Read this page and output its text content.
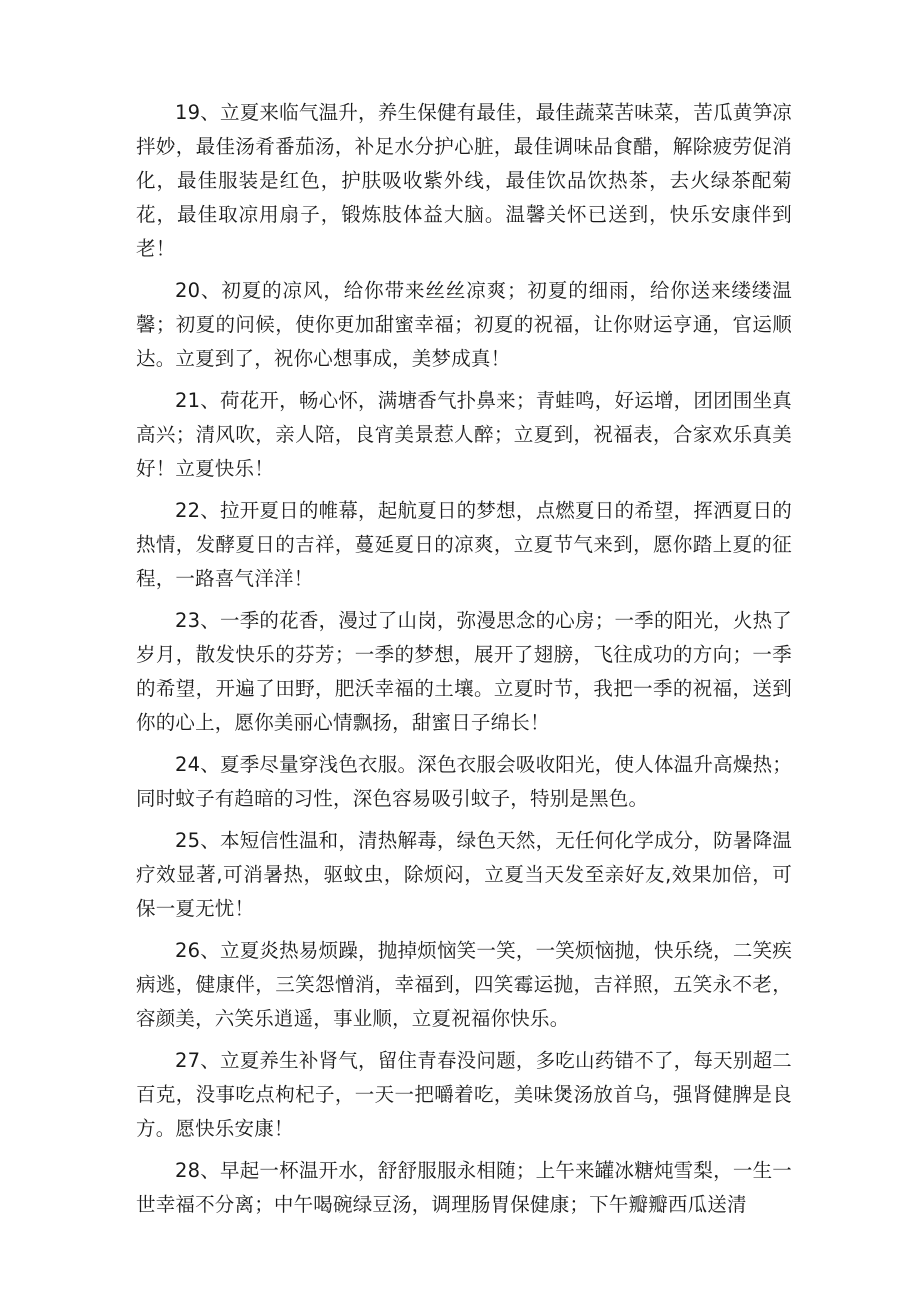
19、立夏来临气温升，养生保健有最佳，最佳蔬菜苦味菜，苦瓜黄笋凉拌妙，最佳汤肴番茄汤，补足水分护心脏，最佳调味品食醋，解除疲劳促消化，最佳服装是红色，护肤吸收紫外线，最佳饮品饮热茶，去火绿茶配菊花，最佳取凉用扇子，锻炼肢体益大脑。温馨关怀已送到，快乐安康伴到老！

20、初夏的凉风，给你带来丝丝凉爽；初夏的细雨，给你送来缕缕温馨；初夏的问候，使你更加甜蜜幸福；初夏的祝福，让你财运亨通，官运顺达。立夏到了，祝你心想事成，美梦成真！

21、荷花开，畅心怀，满塘香气扑鼻来；青蛙鸣，好运增，团团围坐真高兴；清风吹，亲人陪，良宵美景惹人醉；立夏到，祝福表，合家欢乐真美好！立夏快乐！

22、拉开夏日的帷幕，起航夏日的梦想，点燃夏日的希望，挥洒夏日的热情，发酵夏日的吉祥，蔓延夏日的凉爽，立夏节气来到，愿你踏上夏的征程，一路喜气洋洋！

23、一季的花香，漫过了山岗，弥漫思念的心房；一季的阳光，火热了岁月，散发快乐的芬芳；一季的梦想，展开了翅膀，飞往成功的方向；一季的希望，开遍了田野，肥沃幸福的土壤。立夏时节，我把一季的祝福，送到你的心上，愿你美丽心情飘扬，甜蜜日子绵长！

24、夏季尽量穿浅色衣服。深色衣服会吸收阳光，使人体温升高燥热；同时蚊子有趋暗的习性，深色容易吸引蚊子，特别是黑色。

25、本短信性温和，清热解毒，绿色天然，无任何化学成分，防暑降温疗效显著,可消暑热，驱蚊虫，除烦闷，立夏当天发至亲好友,效果加倍，可保一夏无忧！

26、立夏炎热易烦躁，抛掉烦恼笑一笑，一笑烦恼抛，快乐绕，二笑疾病逃，健康伴，三笑怨憎消，幸福到，四笑霉运抛，吉祥照，五笑永不老，容颜美，六笑乐逍遥，事业顺，立夏祝福你快乐。

27、立夏养生补肾气，留住青春没问题，多吃山药错不了，每天别超二百克，没事吃点枸杞子，一天一把嚼着吃，美味煲汤放首乌，强肾健脾是良方。愿快乐安康！

28、早起一杯温开水，舒舒服服永相随；上午来罐冰糖炖雪梨，一生一世幸福不分离；中午喝碗绿豆汤，调理肠胃保健康；下午瓣瓣西瓜送清
